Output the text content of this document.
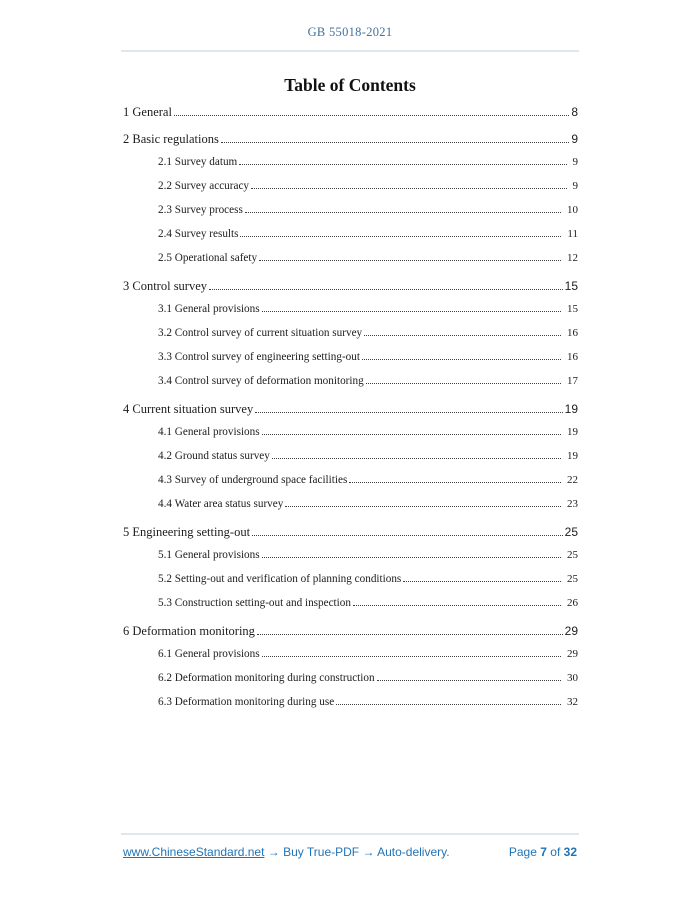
GB 55018-2021
Table of Contents
1 General	8
2 Basic regulations	9
2.1 Survey datum	9
2.2 Survey accuracy	9
2.3 Survey process	10
2.4 Survey results	11
2.5 Operational safety	12
3 Control survey	15
3.1 General provisions	15
3.2 Control survey of current situation survey	16
3.3 Control survey of engineering setting-out	16
3.4 Control survey of deformation monitoring	17
4 Current situation survey	19
4.1 General provisions	19
4.2 Ground status survey	19
4.3 Survey of underground space facilities	22
4.4 Water area status survey	23
5 Engineering setting-out	25
5.1 General provisions	25
5.2 Setting-out and verification of planning conditions	25
5.3 Construction setting-out and inspection	26
6 Deformation monitoring	29
6.1 General provisions	29
6.2 Deformation monitoring during construction	30
6.3 Deformation monitoring during use	32
www.ChineseStandard.net → Buy True-PDF → Auto-delivery.	Page 7 of 32
